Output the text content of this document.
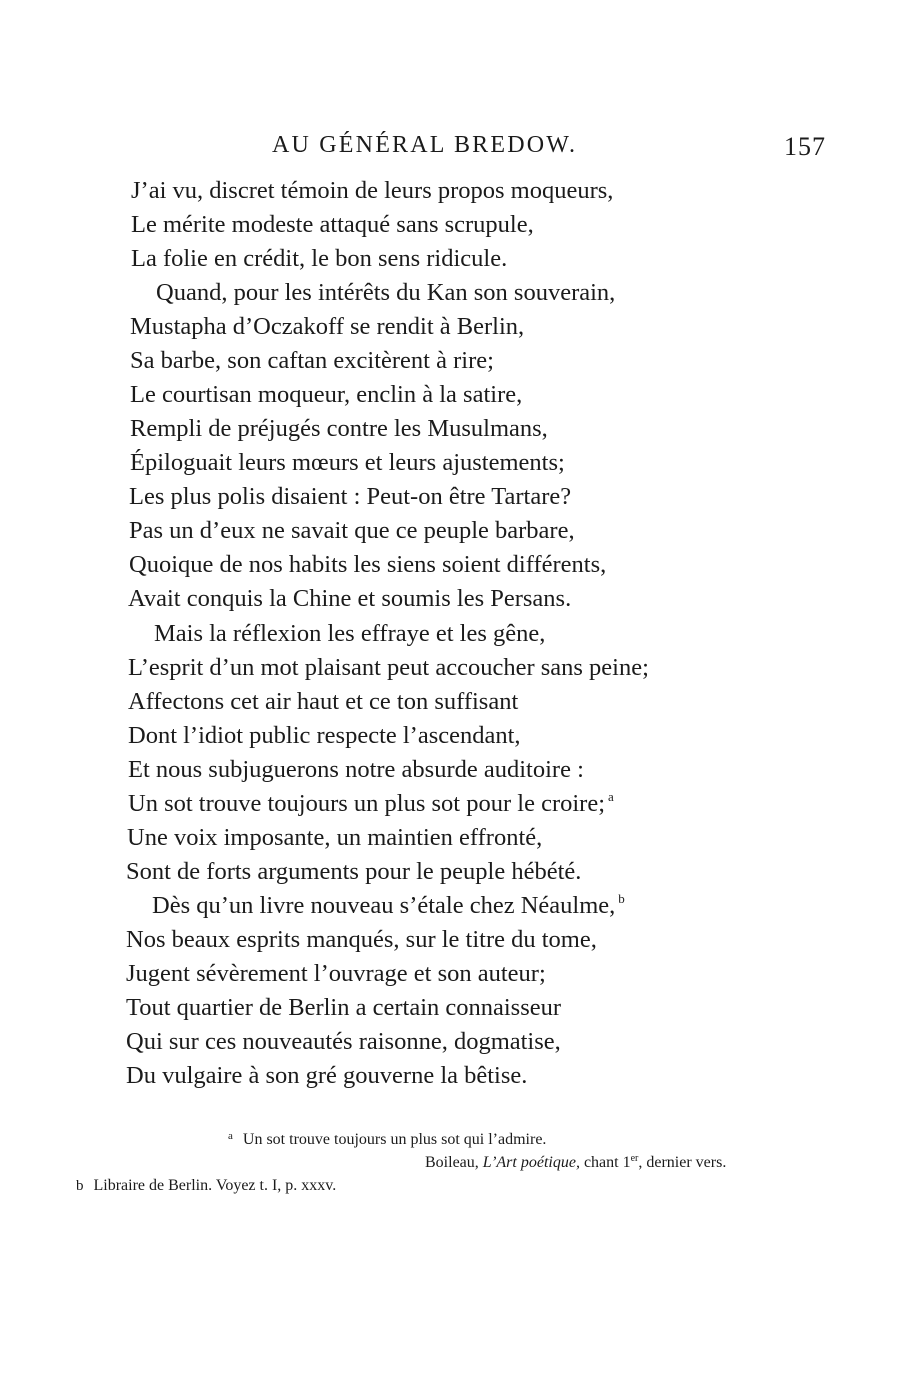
AU GÉNÉRAL BREDOW.	157
J’ai vu, discret témoin de leurs propos moqueurs,
Le mérite modeste attaqué sans scrupule,
La folie en crédit, le bon sens ridicule.
Quand, pour les intérêts du Kan son souverain,
Mustapha d’Oczakoff se rendit à Berlin,
Sa barbe, son caftan excitèrent à rire;
Le courtisan moqueur, enclin à la satire,
Rempli de préjugés contre les Musulmans,
Épiloguait leurs mœurs et leurs ajustements;
Les plus polis disaient : Peut-on être Tartare?
Pas un d’eux ne savait que ce peuple barbare,
Quoique de nos habits les siens soient différents,
Avait conquis la Chine et soumis les Persans.
Mais la réflexion les effraye et les gêne,
L’esprit d’un mot plaisant peut accoucher sans peine;
Affectons cet air haut et ce ton suffisant
Dont l’idiot public respecte l’ascendant,
Et nous subjuguerons notre absurde auditoire :
Un sot trouve toujours un plus sot pour le croire; $^a$
Une voix imposante, un maintien effronté,
Sont de forts arguments pour le peuple hébété.
Dès qu’un livre nouveau s’étale chez Néaulme, $^b$
Nos beaux esprits manqués, sur le titre du tome,
Jugent sévèrement l’ouvrage et son auteur;
Tout quartier de Berlin a certain connaisseur
Qui sur ces nouveautés raisonne, dogmatise,
Du vulgaire à son gré gouverne la bêtise.
$^a$ Un sot trouve toujours un plus sot qui l’admire.
Boileau, L’Art poétique, chant 1er, dernier vers.
b Libraire de Berlin. Voyez t. I, p. xxxv.
